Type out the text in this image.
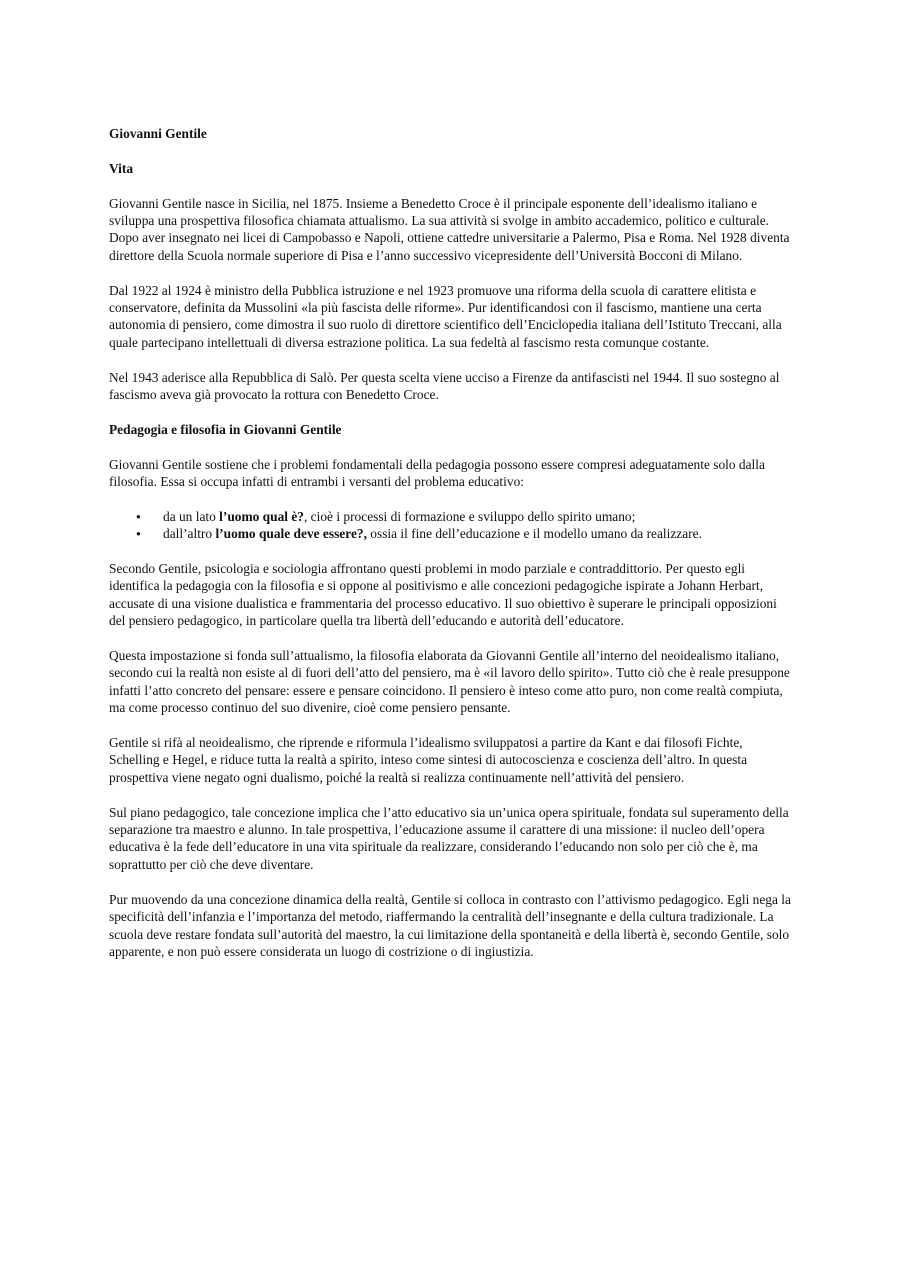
Giovanni Gentile
Vita

Giovanni Gentile nasce in Sicilia, nel 1875. Insieme a Benedetto Croce è il principale esponente dell’idealismo italiano e sviluppa una prospettiva filosofica chiamata attualismo. La sua attività si svolge in ambito accademico, politico e culturale. Dopo aver insegnato nei licei di Campobasso e Napoli, ottiene cattedre universitarie a Palermo, Pisa e Roma. Nel 1928 diventa direttore della Scuola normale superiore di Pisa e l’anno successivo vicepresidente dell’Università Bocconi di Milano.

Dal 1922 al 1924 è ministro della Pubblica istruzione e nel 1923 promuove una riforma della scuola di carattere elitista e conservatore, definita da Mussolini «la più fascista delle riforme». Pur identificandosi con il fascismo, mantiene una certa autonomia di pensiero, come dimostra il suo ruolo di direttore scientifico dell’Enciclopedia italiana dell’Istituto Treccani, alla quale partecipano intellettuali di diversa estrazione politica. La sua fedeltà al fascismo resta comunque costante.

Nel 1943 aderisce alla Repubblica di Salò. Per questa scelta viene ucciso a Firenze da antifascisti nel 1944. Il suo sostegno al fascismo aveva già provocato la rottura con Benedetto Croce.

Pedagogia e filosofia in Giovanni Gentile

Giovanni Gentile sostiene che i problemi fondamentali della pedagogia possono essere compresi adeguatamente solo dalla filosofia. Essa si occupa infatti di entrambi i versanti del problema educativo:

● da un lato l’uomo qual è?, cioè i processi di formazione e sviluppo dello spirito umano;
● dall’altro l’uomo quale deve essere?, ossia il fine dell’educazione e il modello umano da realizzare.

Secondo Gentile, psicologia e sociologia affrontano questi problemi in modo parziale e contraddittorio. Per questo egli identifica la pedagogia con la filosofia e si oppone al positivismo e alle concezioni pedagogiche ispirate a Johann Herbart, accusate di una visione dualistica e frammentaria del processo educativo. Il suo obiettivo è superare le principali opposizioni del pensiero pedagogico, in particolare quella tra libertà dell’educando e autorità dell’educatore.

Questa impostazione si fonda sull’attualismo, la filosofia elaborata da Giovanni Gentile all’interno del neoidealismo italiano, secondo cui la realtà non esiste al di fuori dell’atto del pensiero, ma è «il lavoro dello spirito». Tutto ciò che è reale presuppone infatti l’atto concreto del pensare: essere e pensare coincidono. Il pensiero è inteso come atto puro, non come realtà compiuta, ma come processo continuo del suo divenire, cioè come pensiero pensante.

Gentile si rifà al neoidealismo, che riprende e riformula l’idealismo sviluppatosi a partire da Kant e dai filosofi Fichte, Schelling e Hegel, e riduce tutta la realtà a spirito, inteso come sintesi di autocoscienza e coscienza dell’altro. In questa prospettiva viene negato ogni dualismo, poiché la realtà si realizza continuamente nell’attività del pensiero.

Sul piano pedagogico, tale concezione implica che l’atto educativo sia un’unica opera spirituale, fondata sul superamento della separazione tra maestro e alunno. In tale prospettiva, l’educazione assume il carattere di una missione: il nucleo dell’opera educativa è la fede dell’educatore in una vita spirituale da realizzare, considerando l’educando non solo per ciò che è, ma soprattutto per ciò che deve diventare.

Pur muovendo da una concezione dinamica della realtà, Gentile si colloca in contrasto con l’attivismo pedagogico. Egli nega la specificità dell’infanzia e l’importanza del metodo, riaffermando la centralità dell’insegnante e della cultura tradizionale. La scuola deve restare fondata sull’autorità del maestro, la cui limitazione della spontaneità e della libertà è, secondo Gentile, solo apparente, e non può essere considerata un luogo di costrizione o di ingiustizia.
